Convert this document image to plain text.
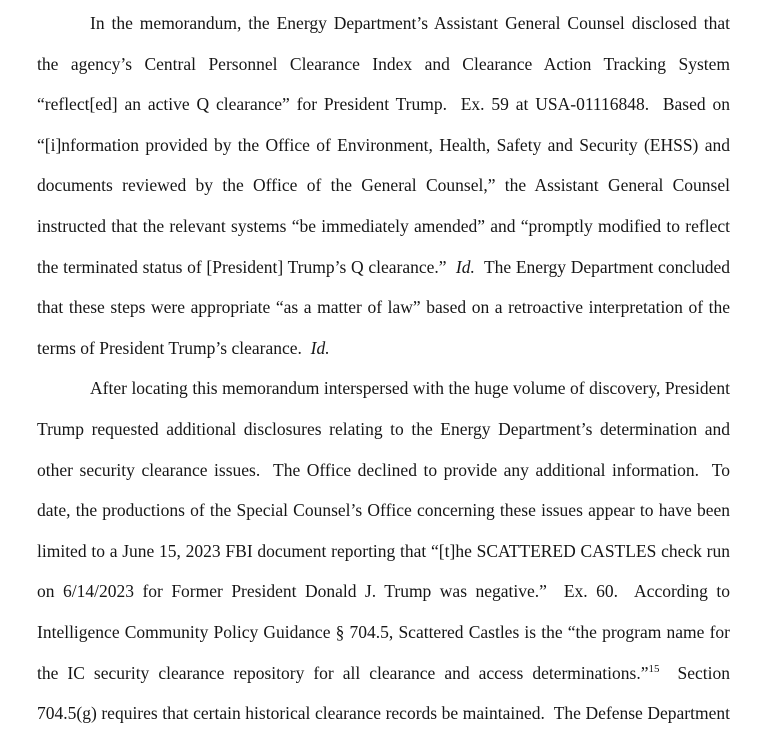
In the memorandum, the Energy Department’s Assistant General Counsel disclosed that
the agency’s Central Personnel Clearance Index and Clearance Action Tracking System
“reflect[ed] an active Q clearance” for President Trump.  Ex. 59 at USA-01116848.  Based on
“[i]nformation provided by the Office of Environment, Health, Safety and Security (EHSS) and
documents reviewed by the Office of the General Counsel,” the Assistant General Counsel
instructed that the relevant systems “be immediately amended” and “promptly modified to reflect
the terminated status of [President] Trump’s Q clearance.”  Id.  The Energy Department concluded
that these steps were appropriate “as a matter of law” based on a retroactive interpretation of the
terms of President Trump’s clearance.  Id.
After locating this memorandum interspersed with the huge volume of discovery, President
Trump requested additional disclosures relating to the Energy Department’s determination and
other security clearance issues.  The Office declined to provide any additional information.  To
date, the productions of the Special Counsel’s Office concerning these issues appear to have been
limited to a June 15, 2023 FBI document reporting that “[t]he SCATTERED CASTLES check run
on 6/14/2023 for Former President Donald J. Trump was negative.”  Ex. 60.  According to
Intelligence Community Policy Guidance § 704.5, Scattered Castles is the “the program name for
the IC security clearance repository for all clearance and access determinations.”$^{15}$  Section
704.5(g) requires that certain historical clearance records be maintained.  The Defense Department
